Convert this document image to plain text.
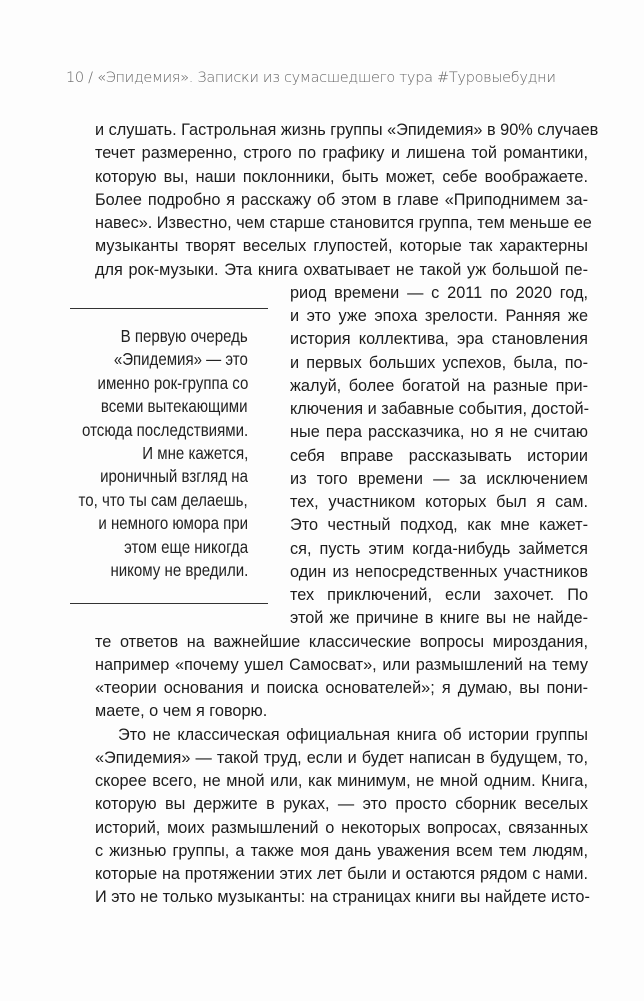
10 / «Эпидемия». Записки из сумасшедшего тура #Туровыебудни
и слушать. Гастрольная жизнь группы «Эпидемия» в 90% случаев
течет размеренно, строго по графику и лишена той романтики,
которую вы, наши поклонники, быть может, себе воображаете.
Более подробно я расскажу об этом в главе «Приподнимем за-
навес». Известно, чем старше становится группа, тем меньше ее
музыканты творят веселых глупостей, которые так характерны
для рок-музыки. Эта книга охватывает не такой уж большой пе-
риод времени — с 2011 по 2020 год,
и это уже эпоха зрелости. Ранняя же
история коллектива, эра становления
и первых больших успехов, была, по-
жалуй, более богатой на разные при-
ключения и забавные события, достой-
ные пера рассказчика, но я не считаю
себя вправе рассказывать истории
из того времени — за исключением
тех, участником которых был я сам.
Это честный подход, как мне кажет-
ся, пусть этим когда-нибудь займется
один из непосредственных участников
тех приключений, если захочет. По
этой же причине в книге вы не найде-
те ответов на важнейшие классические вопросы мироздания,
например «почему ушел Самосват», или размышлений на тему
«теории основания и поиска основателей»; я думаю, вы пони-
маете, о чем я говорю.
Это не классическая официальная книга об истории группы
«Эпидемия» — такой труд, если и будет написан в будущем, то,
скорее всего, не мной или, как минимум, не мной одним. Книга,
которую вы держите в руках, — это просто сборник веселых
историй, моих размышлений о некоторых вопросах, связанных
с жизнью группы, а также моя дань уважения всем тем людям,
которые на протяжении этих лет были и остаются рядом с нами.
И это не только музыканты: на страницах книги вы найдете исто-
В первую очередь
«Эпидемия» — это
именно рок-группа со
всеми вытекающими
отсюда последствиями.
И мне кажется,
ироничный взгляд на
то, что ты сам делаешь,
и немного юмора при
этом еще никогда
никому не вредили.
